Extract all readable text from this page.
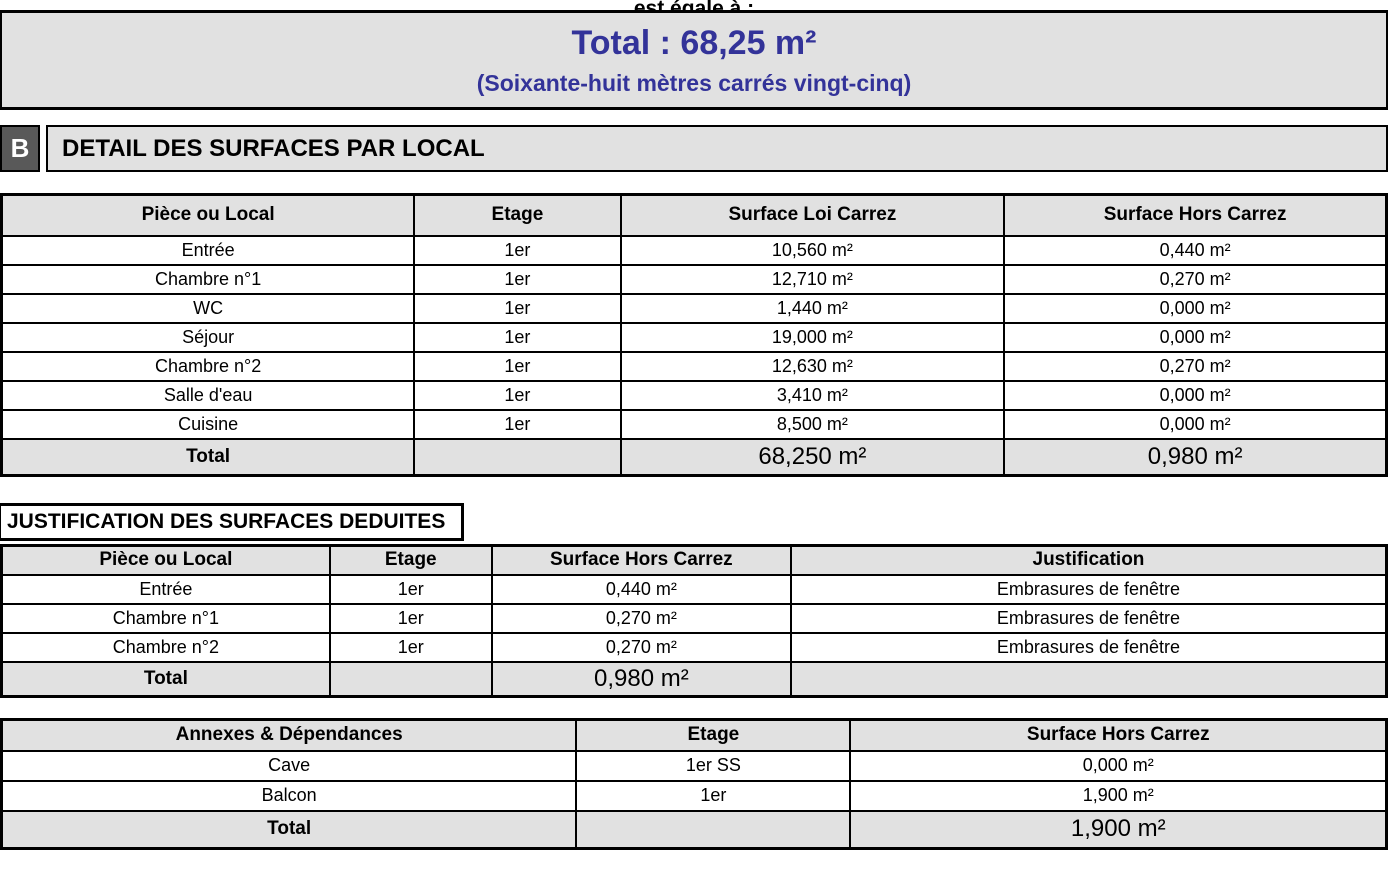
Total : 68,25 m²
(Soixante-huit mètres carrés vingt-cinq)
B	DETAIL DES SURFACES PAR LOCAL
Pièce ou Local	Etage	Surface Loi Carrez	Surface Hors Carrez
Entrée	1er	10,560 m²	0,440 m²
Chambre n°1	1er	12,710 m²	0,270 m²
WC	1er	1,440 m²	0,000 m²
Séjour	1er	19,000 m²	0,000 m²
Chambre n°2	1er	12,630 m²	0,270 m²
Salle d'eau	1er	3,410 m²	0,000 m²
Cuisine	1er	8,500 m²	0,000 m²
Total		68,250 m²	0,980 m²
JUSTIFICATION DES SURFACES DEDUITES
Pièce ou Local	Etage	Surface Hors Carrez	Justification
Entrée	1er	0,440 m²	Embrasures de fenêtre
Chambre n°1	1er	0,270 m²	Embrasures de fenêtre
Chambre n°2	1er	0,270 m²	Embrasures de fenêtre
Total		0,980 m²	
Annexes & Dépendances	Etage	Surface Hors Carrez
Cave	1er SS	0,000 m²
Balcon	1er	1,900 m²
Total		1,900 m²
